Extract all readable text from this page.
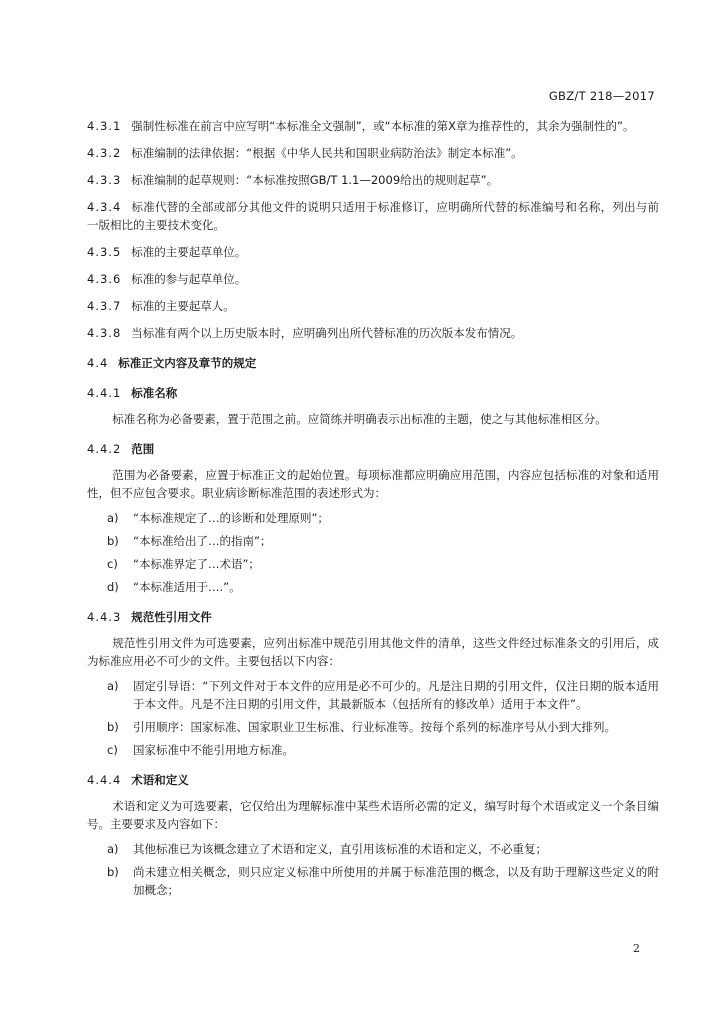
GBZ/T 218—2017

4.3.1 强制性标准在前言中应写明“本标准全文强制”，或“本标准的第X章为推荐性的，其余为强制性的”。

4.3.2 标准编制的法律依据：“根据《中华人民共和国职业病防治法》制定本标准”。

4.3.3 标准编制的起草规则：“本标准按照GB/T 1.1—2009给出的规则起草”。

4.3.4 标准代替的全部或部分其他文件的说明只适用于标准修订，应明确所代替的标准编号和名称，列出与前一版相比的主要技术变化。

4.3.5 标准的主要起草单位。

4.3.6 标准的参与起草单位。

4.3.7 标准的主要起草人。

4.3.8 当标准有两个以上历史版本时，应明确列出所代替标准的历次版本发布情况。

4.4 标准正文内容及章节的规定
4.4.1 标准名称

标准名称为必备要素，置于范围之前。应简练并明确表示出标准的主题，使之与其他标准相区分。

4.4.2 范围

范围为必备要素，应置于标准正文的起始位置。每项标准都应明确应用范围，内容应包括标准的对象和适用性，但不应包含要求。职业病诊断标准范围的表述形式为：

a)	“本标准规定了…的诊断和处理原则”；
b)	“本标准给出了…的指南”；
c)	“本标准界定了…术语”；
d)	“本标准适用于….”。
4.4.3 规范性引用文件

规范性引用文件为可选要素，应列出标准中规范引用其他文件的清单，这些文件经过标准条文的引用后，成为标准应用必不可少的文件。主要包括以下内容：

a)	固定引导语：“下列文件对于本文件的应用是必不可少的。凡是注日期的引用文件，仅注日期的版本适用于本文件。凡是不注日期的引用文件，其最新版本（包括所有的修改单）适用于本文件”。
b)	引用顺序：国家标准、国家职业卫生标准、行业标准等。按每个系列的标准序号从小到大排列。
c)	国家标准中不能引用地方标准。
4.4.4 术语和定义

术语和定义为可选要素，它仅给出为理解标准中某些术语所必需的定义，编写时每个术语或定义一个条目编号。主要要求及内容如下：

a)	其他标准已为该概念建立了术语和定义，直引用该标准的术语和定义，不必重复；
b)	尚未建立相关概念，则只应定义标准中所使用的并属于标准范围的概念，以及有助于理解这些定义的附加概念；
2
